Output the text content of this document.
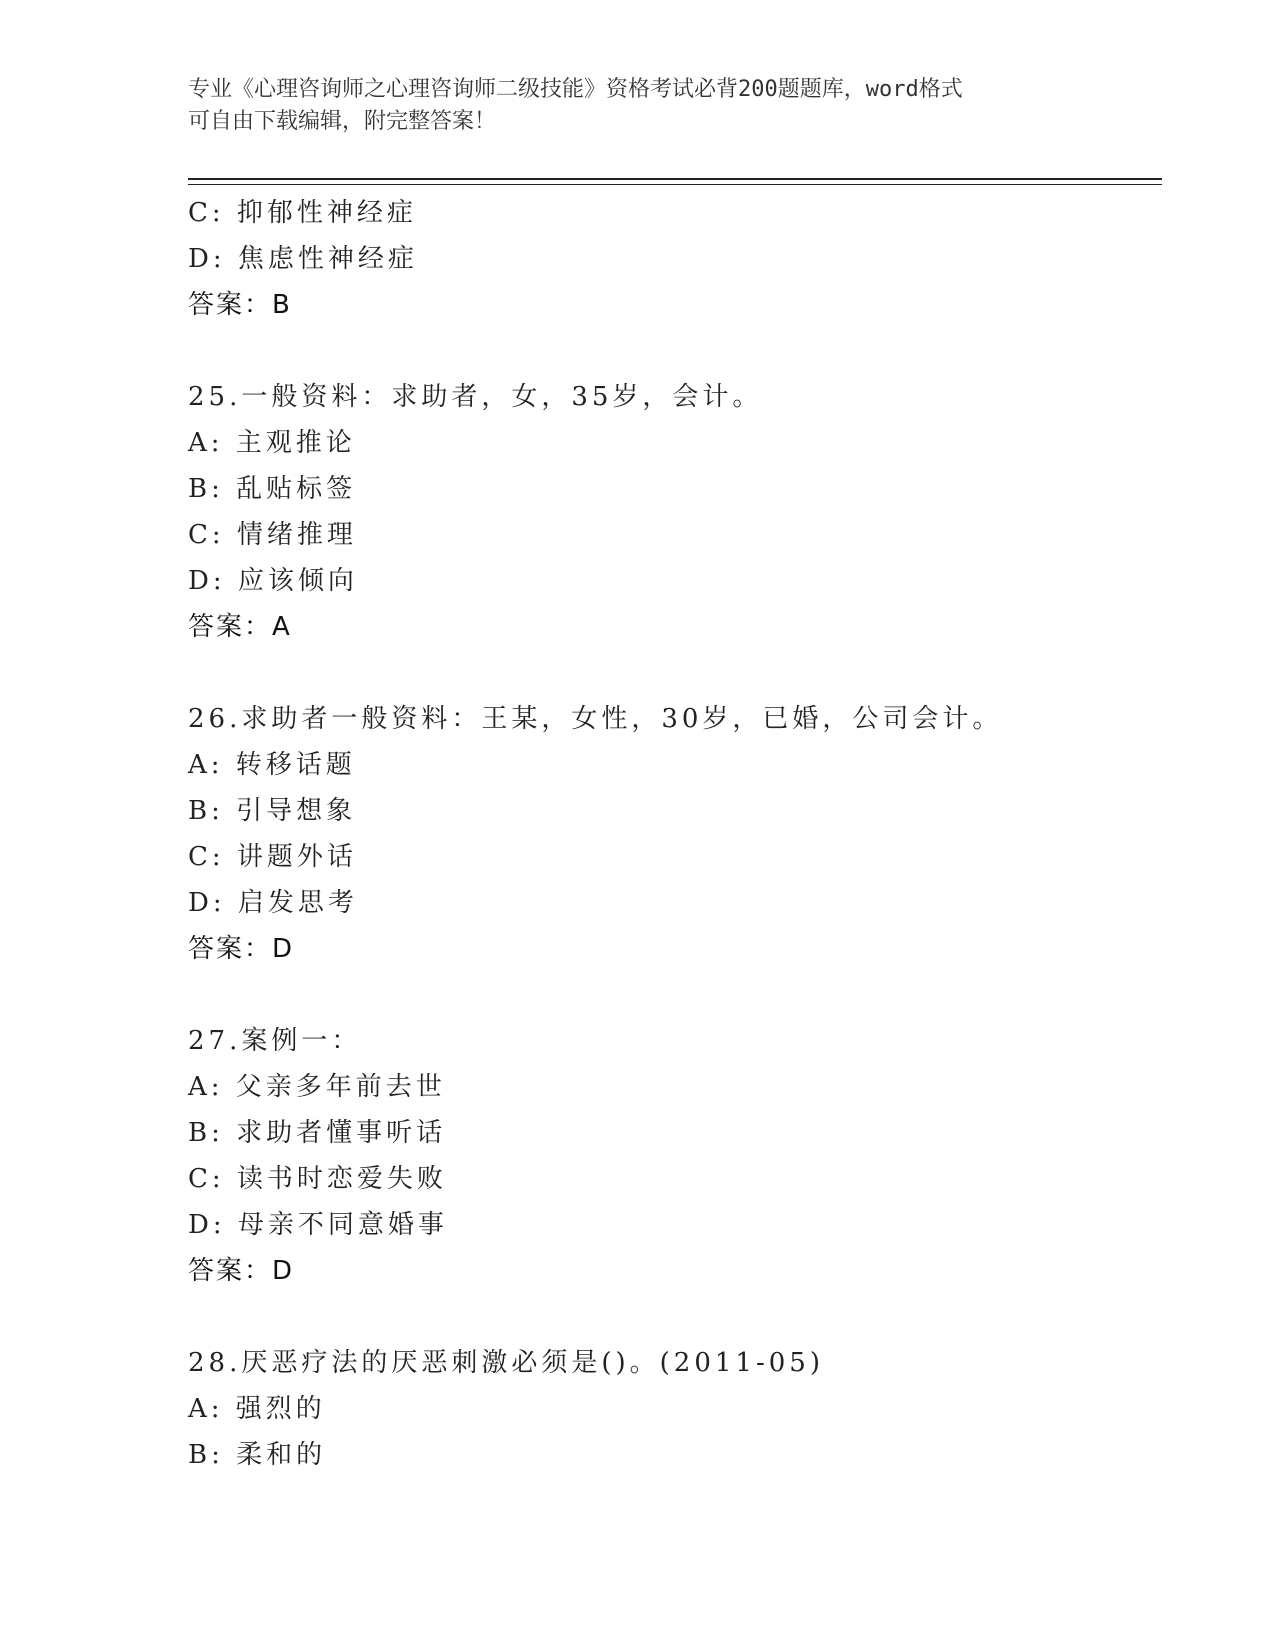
专业《心理咨询师之心理咨询师二级技能》资格考试必背200题题库，word格式
可自由下载编辑，附完整答案！
C: 抑郁性神经症
D: 焦虑性神经症
答案：B
25.一般资料：求助者，女，35岁，会计。
A: 主观推论
B: 乱贴标签
C: 情绪推理
D: 应该倾向
答案：A
26.求助者一般资料：王某，女性，30岁，已婚，公司会计。
A: 转移话题
B: 引导想象
C: 讲题外话
D: 启发思考
答案：D
27.案例一：
A: 父亲多年前去世
B: 求助者懂事听话
C: 读书时恋爱失败
D: 母亲不同意婚事
答案：D
28.厌恶疗法的厌恶刺激必须是()。(2011-05)
A: 强烈的
B: 柔和的
